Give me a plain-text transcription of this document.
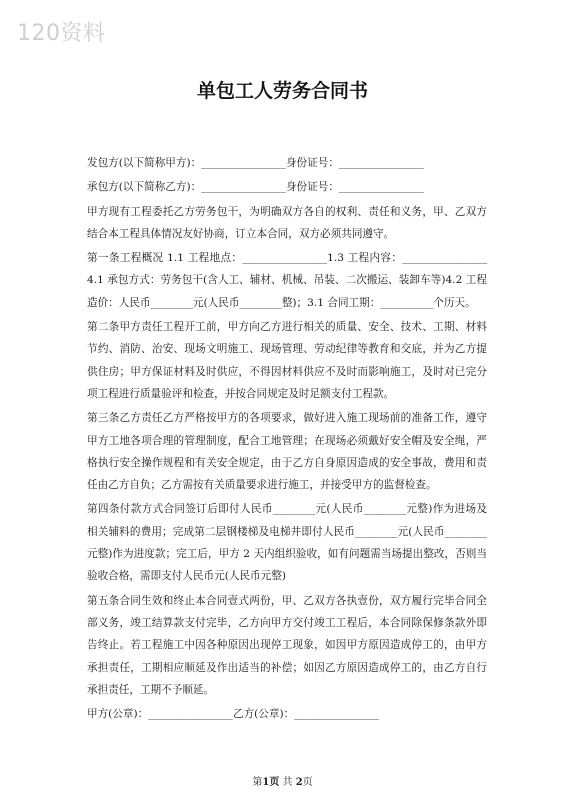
120资料
单包工人劳务合同书

发包方(以下简称甲方)：________________身份证号：________________

承包方(以下简称乙方)：________________身份证号：________________

甲方现有工程委托乙方劳务包干，为明确双方各自的权利、责任和义务，甲、乙双方结合本工程具体情况友好协商，订立本合同，双方必须共同遵守。

第一条工程概况 1.1 工程地点：________________1.3 工程内容：________________4.1 承包方式：劳务包干(含人工、辅材、机械、吊装、二次搬运、装卸车等)4.2 工程造价：人民币________元(人民币________整)；3.1 合同工期：__________个历天。

第二条甲方责任工程开工前，甲方向乙方进行相关的质量、安全、技术、工期、材料节约、消防、治安、现场文明施工、现场管理、劳动纪律等教育和交底，并为乙方提供住房；甲方保证材料及时供应，不得因材料供应不及时而影响施工，及时对已完分项工程进行质量验评和检查，并按合同规定及时足额支付工程款。

第三条乙方责任乙方严格按甲方的各项要求，做好进入施工现场前的准备工作，遵守甲方工地各项合理的管理制度，配合工地管理；在现场必须戴好安全帽及安全绳，严格执行安全操作规程和有关安全规定，由于乙方自身原因造成的安全事故，费用和责任由乙方自负；乙方需按有关质量要求进行施工，并接受甲方的监督检查。

第四条付款方式合同签订后即付人民币________元(人民币________元整)作为进场及相关辅料的费用；完成第二层钢楼梯及电梯井即付人民币________元(人民币________元整)作为进度款；完工后，甲方 2 天内组织验收，如有问题需当场提出整改，否则当验收合格，需即支付人民币元(人民币元整)

第五条合同生效和终止本合同壹式两份，甲、乙双方各执壹份，双方履行完毕合同全部义务，竣工结算款支付完毕，乙方向甲方交付竣工工程后，本合同除保修条款外即告终止。若工程施工中因各种原因出现停工现象，如因甲方原因造成停工的，由甲方承担责任，工期相应顺延及作出适当的补偿；如因乙方原因造成停工的，由乙方自行承担责任，工期不予顺延。

甲方(公章)：________________乙方(公章)：________________

第1页 共 2页
